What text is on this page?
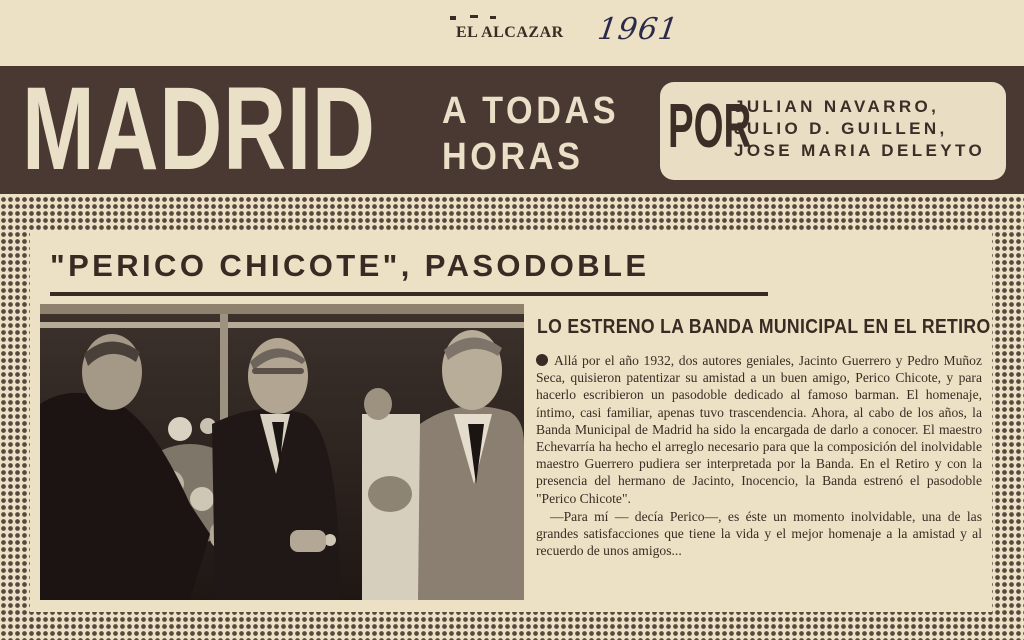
EL ALCAZAR 1961
MADRID A TODAS
HORAS	POR
JULIAN NAVARRO,
JULIO D. GUILLEN,
JOSE MARIA DELEYTO
"PERICO CHICOTE", PASODOBLE
LO ESTRENO LA BANDA MUNICIPAL EN EL RETIRO

Allá por el año 1932, dos autores geniales, Jacinto Guerrero y Pedro Muñoz Seca, quisieron patentizar su amistad a un buen amigo, Perico Chicote, y para hacerlo escribieron un pasodoble dedicado al famoso barman. El homenaje, íntimo, casi familiar, apenas tuvo trascendencia. Ahora, al cabo de los años, la Banda Municipal de Madrid ha sido la encargada de darlo a conocer. El maestro Echevarría ha hecho el arreglo necesario para que la composición del inolvidable maestro Guerrero pudiera ser interpretada por la Banda. En el Retiro y con la presencia del hermano de Jacinto, Inocencio, la Banda estrenó el pasodoble "Perico Chicote".

—Para mí — decía Perico—, es éste un momento inolvidable, una de las grandes satisfacciones que tiene la vida y el mejor homenaje a la amistad y al recuerdo de unos amigos...
